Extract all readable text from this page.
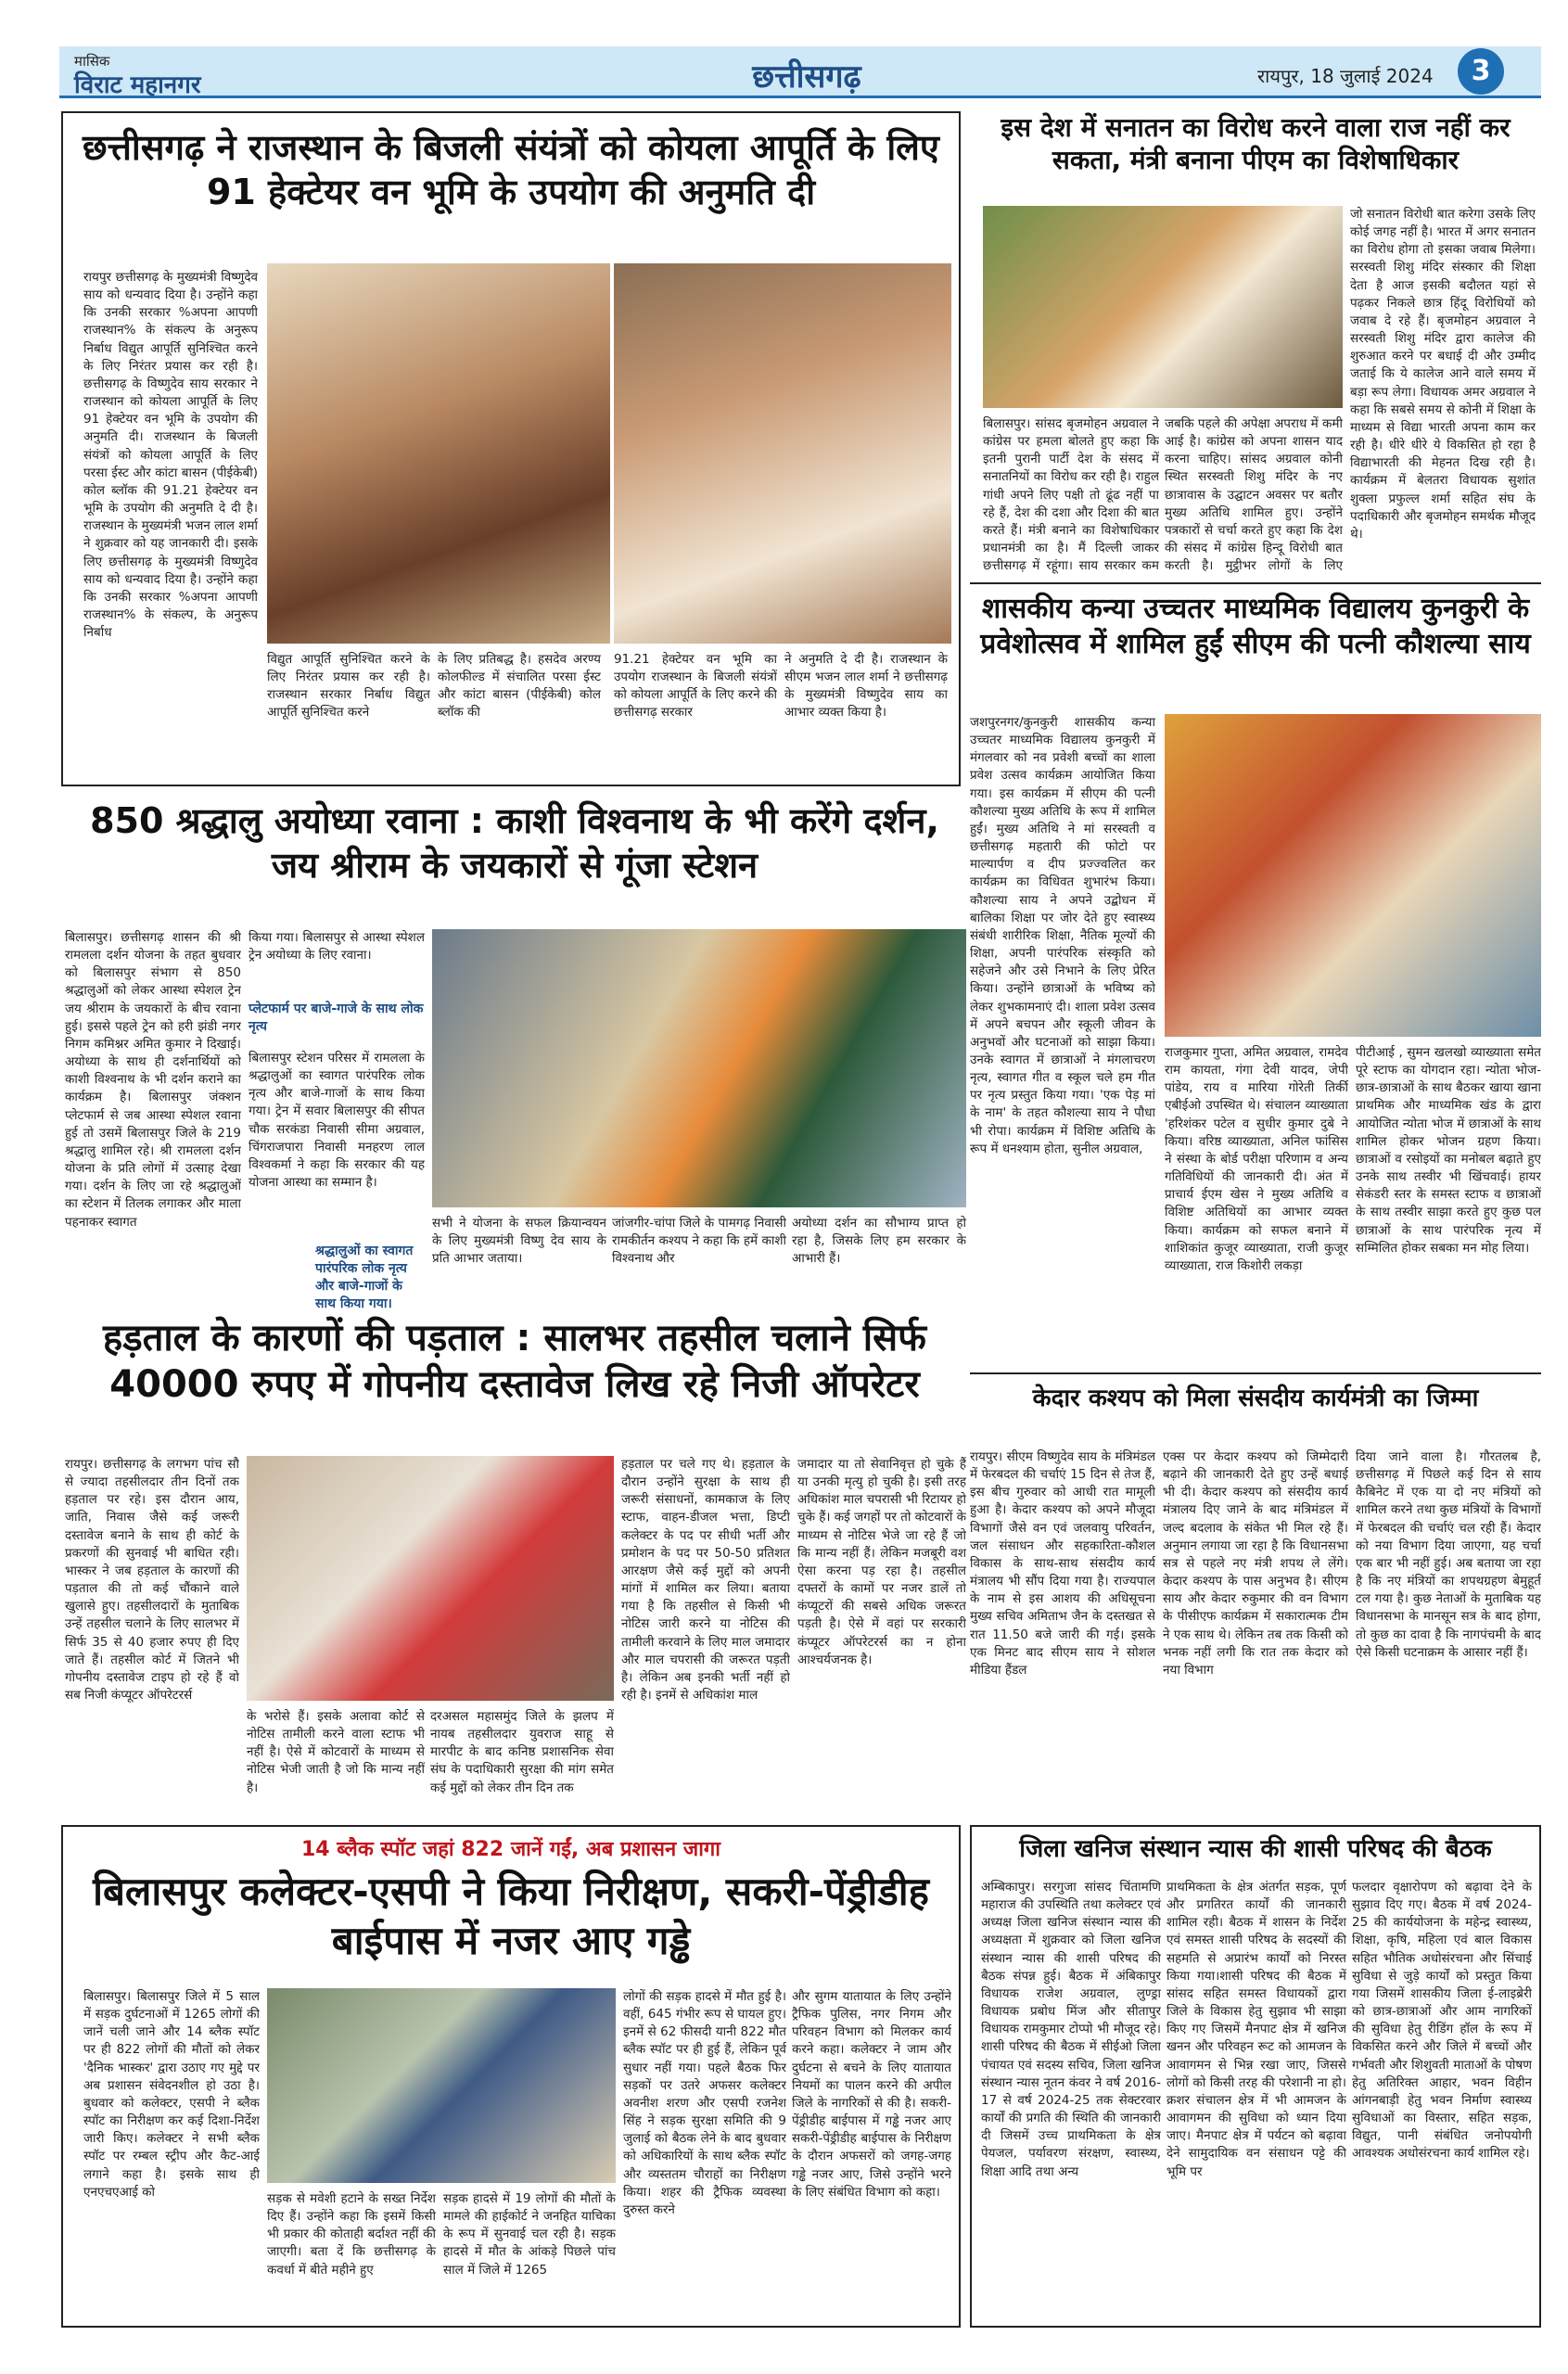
मासिक
विराट महानगर	छत्तीसगढ़	रायपुर, 18 जुलाई 2024	3
छत्तीसगढ़ ने राजस्थान के बिजली संयंत्रों को कोयला आपूर्ति के लिए 91 हेक्टेयर वन भूमि के उपयोग की अनुमति दी
रायपुर छत्तीसगढ़ के मुख्यमंत्री विष्णुदेव साय को धन्यवाद दिया है। उन्होंने कहा कि उनकी सरकार %अपना आपणी राजस्थान% के संकल्प के अनुरूप निर्बाध विद्युत आपूर्ति सुनिश्चित करने के लिए निरंतर प्रयास कर रही है। छत्तीसगढ़ के विष्णुदेव साय सरकार ने राजस्थान को कोयला आपूर्ति के लिए 91 हेक्टेयर वन भूमि के उपयोग की अनुमति दी। राजस्थान के बिजली संयंत्रों को कोयला आपूर्ति के लिए परसा ईस्ट और कांटा बासन (पीईकेबी) कोल ब्लॉक की 91.21 हेक्टेयर वन भूमि के उपयोग की अनुमति दे दी है। राजस्थान के मुख्यमंत्री भजन लाल शर्मा ने शुक्रवार को यह जानकारी दी। इसके लिए छत्तीसगढ़ के मुख्यमंत्री विष्णुदेव साय को धन्यवाद दिया है। उन्होंने कहा कि उनकी सरकार %अपना आपणी राजस्थान% के संकल्प, के अनुरूप निर्बाध
विद्युत आपूर्ति सुनिश्चित करने के लिए निरंतर प्रयास कर रही है। राजस्थान सरकार निर्बाध विद्युत आपूर्ति सुनिश्चित करने
के लिए प्रतिबद्ध है। हसदेव अरण्य कोलफील्ड में संचालित परसा ईस्ट और कांटा बासन (पीईकेबी) कोल ब्लॉक की
91.21 हेक्टेयर वन भूमि का उपयोग राजस्थान के बिजली संयंत्रों को कोयला आपूर्ति के लिए करने की छत्तीसगढ़ सरकार
ने अनुमति दे दी है। राजस्थान के सीएम भजन लाल शर्मा ने छत्तीसगढ़ के मुख्यमंत्री विष्णुदेव साय का आभार व्यक्त किया है।
इस देश में सनातन का विरोध करने वाला राज नहीं कर सकता, मंत्री बनाना पीएम का विशेषाधिकार
जो सनातन विरोधी बात करेगा उसके लिए कोई जगह नहीं है। भारत में अगर सनातन का विरोध होगा तो इसका जवाब मिलेगा। सरस्वती शिशु मंदिर संस्कार की शिक्षा देता है आज इसकी बदौलत यहां से पढ़कर निकले छात्र हिंदू विरोधियों को जवाब दे रहे हैं। बृजमोहन अग्रवाल ने सरस्वती शिशु मंदिर द्वारा कालेज की शुरुआत करने पर बधाई दी और उम्मीद जताई कि ये कालेज आने वाले समय में बड़ा रूप लेगा। विधायक अमर अग्रवाल ने कहा कि सबसे समय से कोनी में शिक्षा के माध्यम से विद्या भारती अपना काम कर रही है। धीरे धीरे ये विकसित हो रहा है विद्याभारती की मेहनत दिख रही है। कार्यक्रम में बेलतरा विधायक सुशांत शुक्ला प्रफुल्ल शर्मा सहित संघ के पदाधिकारी और बृजमोहन समर्थक मौजूद थे।
बिलासपुर। सांसद बृजमोहन अग्रवाल ने कांग्रेस पर हमला बोलते हुए कहा कि इतनी पुरानी पार्टी देश के संसद में सनातनियों का विरोध कर रही है। राहुल गांधी अपने लिए पक्षी तो ढूंढ नहीं पा रहे हैं, देश की दशा और दिशा की बात करते हैं। मंत्री बनाने का विशेषाधिकार प्रधानमंत्री का है। मैं दिल्ली जाकर छत्तीसगढ़ में रहूंगा। साय सरकार कम
जबकि पहले की अपेक्षा अपराध में कमी आई है। कांग्रेस को अपना शासन याद करना चाहिए। सांसद अग्रवाल कोनी स्थित सरस्वती शिशु मंदिर के नए छात्रावास के उद्घाटन अवसर पर बतौर मुख्य अतिथि शामिल हुए। उन्होंने पत्रकारों से चर्चा करते हुए कहा कि देश की संसद में कांग्रेस हिन्दू विरोधी बात करती है। मुट्ठीभर लोगों के लिए
850 श्रद्धालु अयोध्या रवाना : काशी विश्वनाथ के भी करेंगे दर्शन, जय श्रीराम के जयकारों से गूंजा स्टेशन
बिलासपुर। छत्तीसगढ़ शासन की श्री रामलला दर्शन योजना के तहत बुधवार को बिलासपुर संभाग से 850 श्रद्धालुओं को लेकर आस्था स्पेशल ट्रेन जय श्रीराम के जयकारों के बीच रवाना हुई। इससे पहले ट्रेन को हरी झंडी नगर निगम कमिश्नर अमित कुमार ने दिखाई। अयोध्या के साथ ही दर्शनार्थियों को काशी विश्वनाथ के भी दर्शन कराने का कार्यक्रम है। बिलासपुर जंक्शन प्लेटफार्म से जब आस्था स्पेशल रवाना हुई तो उसमें बिलासपुर जिले के 219 श्रद्धालु शामिल रहे। श्री रामलला दर्शन योजना के प्रति लोगों में उत्साह देखा गया। दर्शन के लिए जा रहे श्रद्धालुओं का स्टेशन में तिलक लगाकर और माला पहनाकर स्वागत
किया गया। बिलासपुर से आस्था स्पेशल ट्रेन अयोध्या के लिए रवाना।
प्लेटफार्म पर बाजे-गाजे के साथ लोक नृत्य
बिलासपुर स्टेशन परिसर में रामलला के श्रद्धालुओं का स्वागत पारंपरिक लोक नृत्य और बाजे-गाजों के साथ किया गया। ट्रेन में सवार बिलासपुर की सीपत चौक सरकंडा निवासी सीमा अग्रवाल, चिंगराजपारा निवासी मनहरण लाल विश्वकर्मा ने कहा कि सरकार की यह योजना आस्था का सम्मान है।
श्रद्धालुओं का स्वागत पारंपरिक लोक नृत्य और बाजे-गाजों के साथ किया गया।
सभी ने योजना के सफल क्रियान्वयन के लिए मुख्यमंत्री विष्णु देव साय के प्रति आभार जताया।
जांजगीर-चांपा जिले के पामगढ़ निवासी रामकीर्तन कश्यप ने कहा कि हमें काशी विश्वनाथ और
अयोध्या दर्शन का सौभाग्य प्राप्त हो रहा है, जिसके लिए हम सरकार के आभारी हैं।
शासकीय कन्या उच्चतर माध्यमिक विद्यालय कुनकुरी के प्रवेशोत्सव में शामिल हुईं सीएम की पत्नी कौशल्या साय
जशपुरनगर/कुनकुरी शासकीय कन्या उच्चतर माध्यमिक विद्यालय कुनकुरी में मंगलवार को नव प्रवेशी बच्चों का शाला प्रवेश उत्सव कार्यक्रम आयोजित किया गया। इस कार्यक्रम में सीएम की पत्नी कौशल्या मुख्य अतिथि के रूप में शामिल हुईं। मुख्य अतिथि ने मां सरस्वती व छत्तीसगढ़ महतारी की फोटो पर माल्यार्पण व दीप प्रज्ज्वलित कर कार्यक्रम का विधिवत शुभारंभ किया। कौशल्या साय ने अपने उद्बोधन में बालिका शिक्षा पर जोर देते हुए स्वास्थ्य संबंधी शारीरिक शिक्षा, नैतिक मूल्यों की शिक्षा, अपनी पारंपरिक संस्कृति को सहेजने और उसे निभाने के लिए प्रेरित किया। उन्होंने छात्राओं के भविष्य को लेकर शुभकामनाएं दी। शाला प्रवेश उत्सव में अपने बचपन और स्कूली जीवन के अनुभवों और घटनाओं को साझा किया। उनके स्वागत में छात्राओं ने मंगलाचरण नृत्य, स्वागत गीत व स्कूल चले हम गीत पर नृत्य प्रस्तुत किया गया। 'एक पेड़ मां के नाम' के तहत कौशल्या साय ने पौधा भी रोपा। कार्यक्रम में विशिष्ट अतिथि के रूप में धनश्याम होता, सुनील अग्रवाल,
राजकुमार गुप्ता, अमित अग्रवाल, रामदेव राम कायता, गंगा देवी यादव, जेपी पांडेय, राय व मारिया गोरेती तिर्की एबीईओ उपस्थित थे। संचालन व्याख्याता 'हरिशंकर पटेल व सुधीर कुमार दुबे ने किया। वरिष्ठ व्याख्याता, अनिल फांसिस ने संस्था के बोर्ड परीक्षा परिणाम व अन्य गतिविधियों की जानकारी दी। अंत में प्राचार्य ईएम खेस ने मुख्य अतिथि व विशिष्ट अतिथियों का आभार व्यक्त किया। कार्यक्रम को सफल बनाने में शाशिकांत कुजूर व्याख्याता, राजी कुजूर व्याख्याता, राज किशोरी लकड़ा
पीटीआई , सुमन खलखो व्याख्याता समेत पूरे स्टाफ का योगदान रहा। न्योता भोज-छात्र-छात्राओं के साथ बैठकर खाया खाना प्राथमिक और माध्यमिक खंड के द्वारा आयोजित न्योता भोज में छात्राओं के साथ शामिल होकर भोजन ग्रहण किया। छात्राओं व रसोइयों का मनोबल बढ़ाते हुए उनके साथ तस्वीर भी खिंचवाई। हायर सेकंडरी स्तर के समस्त स्टाफ व छात्राओं के साथ तस्वीर साझा करते हुए कुछ पल छात्राओं के साथ पारंपरिक नृत्य में सम्मिलित होकर सबका मन मोह लिया।
हड़ताल के कारणों की पड़ताल : सालभर तहसील चलाने सिर्फ 40000 रुपए में गोपनीय दस्तावेज लिख रहे निजी ऑपरेटर
रायपुर। छत्तीसगढ़ के लगभग पांच सौ से ज्यादा तहसीलदार तीन दिनों तक हड़ताल पर रहे। इस दौरान आय, जाति, निवास जैसे कई जरूरी दस्तावेज बनाने के साथ ही कोर्ट के प्रकरणों की सुनवाई भी बाधित रही। भास्कर ने जब हड़ताल के कारणों की पड़ताल की तो कई चौंकाने वाले खुलासे हुए। तहसीलदारों के मुताबिक उन्हें तहसील चलाने के लिए सालभर में सिर्फ 35 से 40 हजार रुपए ही दिए जाते हैं। तहसील कोर्ट में जितने भी गोपनीय दस्तावेज टाइप हो रहे हैं वो सब निजी कंप्यूटर ऑपरेटरर्स
के भरोसे हैं। इसके अलावा कोर्ट से नोटिस तामीली करने वाला स्टाफ भी नहीं है। ऐसे में कोटवारों के माध्यम से नोटिस भेजी जाती है जो कि मान्य नहीं है।
दरअसल महासमुंद जिले के झलप में नायब तहसीलदार युवराज साहू से मारपीट के बाद कनिष्ठ प्रशासनिक सेवा संघ के पदाधिकारी सुरक्षा की मांग समेत कई मुद्दों को लेकर तीन दिन तक
हड़ताल पर चले गए थे। हड़ताल के दौरान उन्होंने सुरक्षा के साथ ही जरूरी संसाधनों, कामकाज के लिए स्टाफ, वाहन-डीजल भत्ता, डिप्टी कलेक्टर के पद पर सीधी भर्ती और प्रमोशन के पद पर 50-50 प्रतिशत आरक्षण जैसे कई मुद्दों को अपनी मांगों में शामिल कर लिया। बताया गया है कि तहसील से किसी भी नोटिस जारी करने या नोटिस की तामीली करवाने के लिए माल जमादार और माल चपरासी की जरूरत पड़ती है। लेकिन अब इनकी भर्ती नहीं हो रही है। इनमें से अधिकांश माल
जमादार या तो सेवानिवृत्त हो चुके हैं या उनकी मृत्यु हो चुकी है। इसी तरह अधिकांश माल चपरासी भी रिटायर हो चुके हैं। कई जगहों पर तो कोटवारों के माध्यम से नोटिस भेजे जा रहे हैं जो कि मान्य नहीं हैं। लेकिन मजबूरी वश ऐसा करना पड़ रहा है। तहसील दफ्तरों के कामों पर नजर डालें तो कंप्यूटरों की सबसे अधिक जरूरत पड़ती है। ऐसे में वहां पर सरकारी कंप्यूटर ऑपरेटरर्स का न होना आश्चर्यजनक है।
केदार कश्यप को मिला संसदीय कार्यमंत्री का जिम्मा
रायपुर। सीएम विष्णुदेव साय के मंत्रिमंडल में फेरबदल की चर्चाएं 15 दिन से तेज हैं, इस बीच गुरुवार को आधी रात मामूली हुआ है। केदार कश्यप को अपने मौजूदा विभागों जैसे वन एवं जलवायु परिवर्तन, जल संसाधन और सहकारिता-कौशल विकास के साथ-साथ संसदीय कार्य मंत्रालय भी सौंप दिया गया है। राज्यपाल के नाम से इस आशय की अधिसूचना मुख्य सचिव अमिताभ जैन के दस्तखत से रात 11.50 बजे जारी की गई। इसके एक मिनट बाद सीएम साय ने सोशल मीडिया हैंडल
एक्स पर केदार कश्यप को जिम्मेदारी बढ़ाने की जानकारी देते हुए उन्हें बधाई भी दी। केदार कश्यप को संसदीय कार्य मंत्रालय दिए जाने के बाद मंत्रिमंडल में जल्द बदलाव के संकेत भी मिल रहे हैं। अनुमान लगाया जा रहा है कि विधानसभा सत्र से पहले नए मंत्री शपथ ले लेंगे। केदार कश्यप के पास अनुभव है। सीएम साय और केदार रुकुमार की वन विभाग के पीसीएफ कार्यक्रम में सकारात्मक टीम ने एक साथ थे। लेकिन तब तक किसी को भनक नहीं लगी कि रात तक केदार को नया विभाग
दिया जाने वाला है। गौरतलब है, छत्तीसगढ़ में पिछले कई दिन से साय कैबिनेट में एक या दो नए मंत्रियों को शामिल करने तथा कुछ मंत्रियों के विभागों में फेरबदल की चर्चाएं चल रही हैं। केदार को नया विभाग दिया जाएगा, यह चर्चा एक बार भी नहीं हुई। अब बताया जा रहा है कि नए मंत्रियों का शपथग्रहण बेमुहूर्त टल गया है। कुछ नेताओं के मुताबिक यह विधानसभा के मानसून सत्र के बाद होगा, तो कुछ का दावा है कि नागपंचमी के बाद ऐसे किसी घटनाक्रम के आसार नहीं हैं।
14 ब्लैक स्पॉट जहां 822 जानें गईं, अब प्रशासन जागा
बिलासपुर कलेक्टर-एसपी ने किया निरीक्षण, सकरी-पेंड्रीडीह बाईपास में नजर आए गड्ढे
बिलासपुर। बिलासपुर जिले में 5 साल में सड़क दुर्घटनाओं में 1265 लोगों की जानें चली जाने और 14 ब्लैक स्पॉट पर ही 822 लोगों की मौतों को लेकर 'दैनिक भास्कर' द्वारा उठाए गए मुद्दे पर अब प्रशासन संवेदनशील हो उठा है। बुधवार को कलेक्टर, एसपी ने ब्लैक स्पॉट का निरीक्षण कर कई दिशा-निर्देश जारी किए। कलेक्टर ने सभी ब्लैक स्पॉट पर रम्बल स्ट्रीप और कैट-आई लगाने कहा है। इसके साथ ही एनएचएआई को	सड़क से मवेशी हटाने के सख्त निर्देश दिए हैं। उन्होंने कहा कि इसमें किसी भी प्रकार की कोताही बर्दाश्त नहीं की जाएगी। बता दें कि छत्तीसगढ़ के कवर्धा में बीते महीने हुए
सड़क हादसे में 19 लोगों की मौतों के मामले की हाईकोर्ट ने जनहित याचिका के रूप में सुनवाई चल रही है। सड़क हादसे में मौत के आंकड़े पिछले पांच साल में जिले में 1265
लोगों की सड़क हादसे में मौत हुई है। वहीं, 645 गंभीर रूप से घायल हुए। इनमें से 62 फीसदी यानी 822 मौत ब्लैक स्पॉट पर ही हुई हैं, लेकिन पूर्व सुधार नहीं गया। पहले बैठक फिर सड़कों पर उतरे अफसर कलेक्टर अवनीश शरण और एसपी रजनेश सिंह ने सड़क सुरक्षा समिति की 9 जुलाई को बैठक लेने के बाद बुधवार को अधिकारियों के साथ ब्लैक स्पॉट और व्यस्ततम चौराहों का निरीक्षण किया। शहर की ट्रैफिक व्यवस्था दुरुस्त करने
और सुगम यातायात के लिए उन्होंने ट्रैफिक पुलिस, नगर निगम और परिवहन विभाग को मिलकर कार्य करने कहा। कलेक्टर ने जाम और दुर्घटना से बचने के लिए यातायात नियमों का पालन करने की अपील जिले के नागरिकों से की है। सकरी-पेंड्रीडीह बाईपास में गड्ढे नजर आए सकरी-पेंड्रीडीह बाईपास के निरीक्षण के दौरान अफसरों को जगह-जगह गड्ढे नजर आए, जिसे उन्होंने भरने के लिए संबंधित विभाग को कहा।
जिला खनिज संस्थान न्यास की शासी परिषद की बैठक
अम्बिकापुर। सरगुजा सांसद चिंतामणि महाराज की उपस्थिति तथा कलेक्टर एवं अध्यक्ष जिला खनिज संस्थान न्यास की अध्यक्षता में शुक्रवार को जिला खनिज संस्थान न्यास की शासी परिषद की बैठक संपन्न हुई। बैठक में अंबिकापुर विधायक राजेश अग्रवाल, लुण्ड्रा विधायक प्रबोध मिंज और सीतापुर विधायक रामकुमार टोप्पो भी मौजूद रहे। शासी परिषद की बैठक में सीईओ जिला पंचायत एवं सदस्य सचिव, जिला खनिज संस्थान न्यास नूतन कंवर ने वर्ष 2016-17 से वर्ष 2024-25 तक सेक्टरवार कार्यों की प्रगति की स्थिति की जानकारी दी जिसमें उच्च प्राथमिकता के क्षेत्र पेयजल, पर्यावरण संरक्षण, स्वास्थ्य, शिक्षा आदि तथा अन्य
प्राथमिकता के क्षेत्र अंतर्गत सड़क, पूर्ण और प्रगतिरत कार्यों की जानकारी शामिल रही। बैठक में शासन के निर्देश एवं समस्त शासी परिषद के सदस्यों की सहमति से अप्रारंभ कार्यों को निरस्त किया गया।शासी परिषद की बैठक में सांसद सहित समस्त विधायकों द्वारा जिले के विकास हेतु सुझाव भी साझा किए गए जिसमें मैनपाट क्षेत्र में खनिज खनन और परिवहन रूट को आमजन के आवागमन से भिन्न रखा जाए, जिससे लोगों को किसी तरह की परेशानी ना हो। क्रशर संचालन क्षेत्र में भी आमजन के आवागमन की सुविधा को ध्यान दिया जाए। मैनपाट क्षेत्र में पर्यटन को बढ़ावा देने सामुदायिक वन संसाधन पट्टे की भूमि पर
फलदार वृक्षारोपण को बढ़ावा देने के सुझाव दिए गए। बैठक में वर्ष 2024-25 की कार्ययोजना के महेन्द्र स्वास्थ्य, शिक्षा, कृषि, महिला एवं बाल विकास सहित भौतिक अधोसंरचना और सिंचाई सुविधा से जुड़े कार्यों को प्रस्तुत किया गया जिसमें शासकीय जिला ई-लाइब्रेरी को छात्र-छात्राओं और आम नागरिकों की सुविधा हेतु रीडिंग हॉल के रूप में विकसित करने और जिले में बच्चों और गर्भवती और शिशुवती माताओं के पोषण हेतु अतिरिक्त आहार, भवन विहीन आंगनबाड़ी हेतु भवन निर्माण स्वास्थ्य सुविधाओं का विस्तार, सहित सड़क, विद्युत, पानी संबंधित जनोपयोगी आवश्यक अधोसंरचना कार्य शामिल रहे।
